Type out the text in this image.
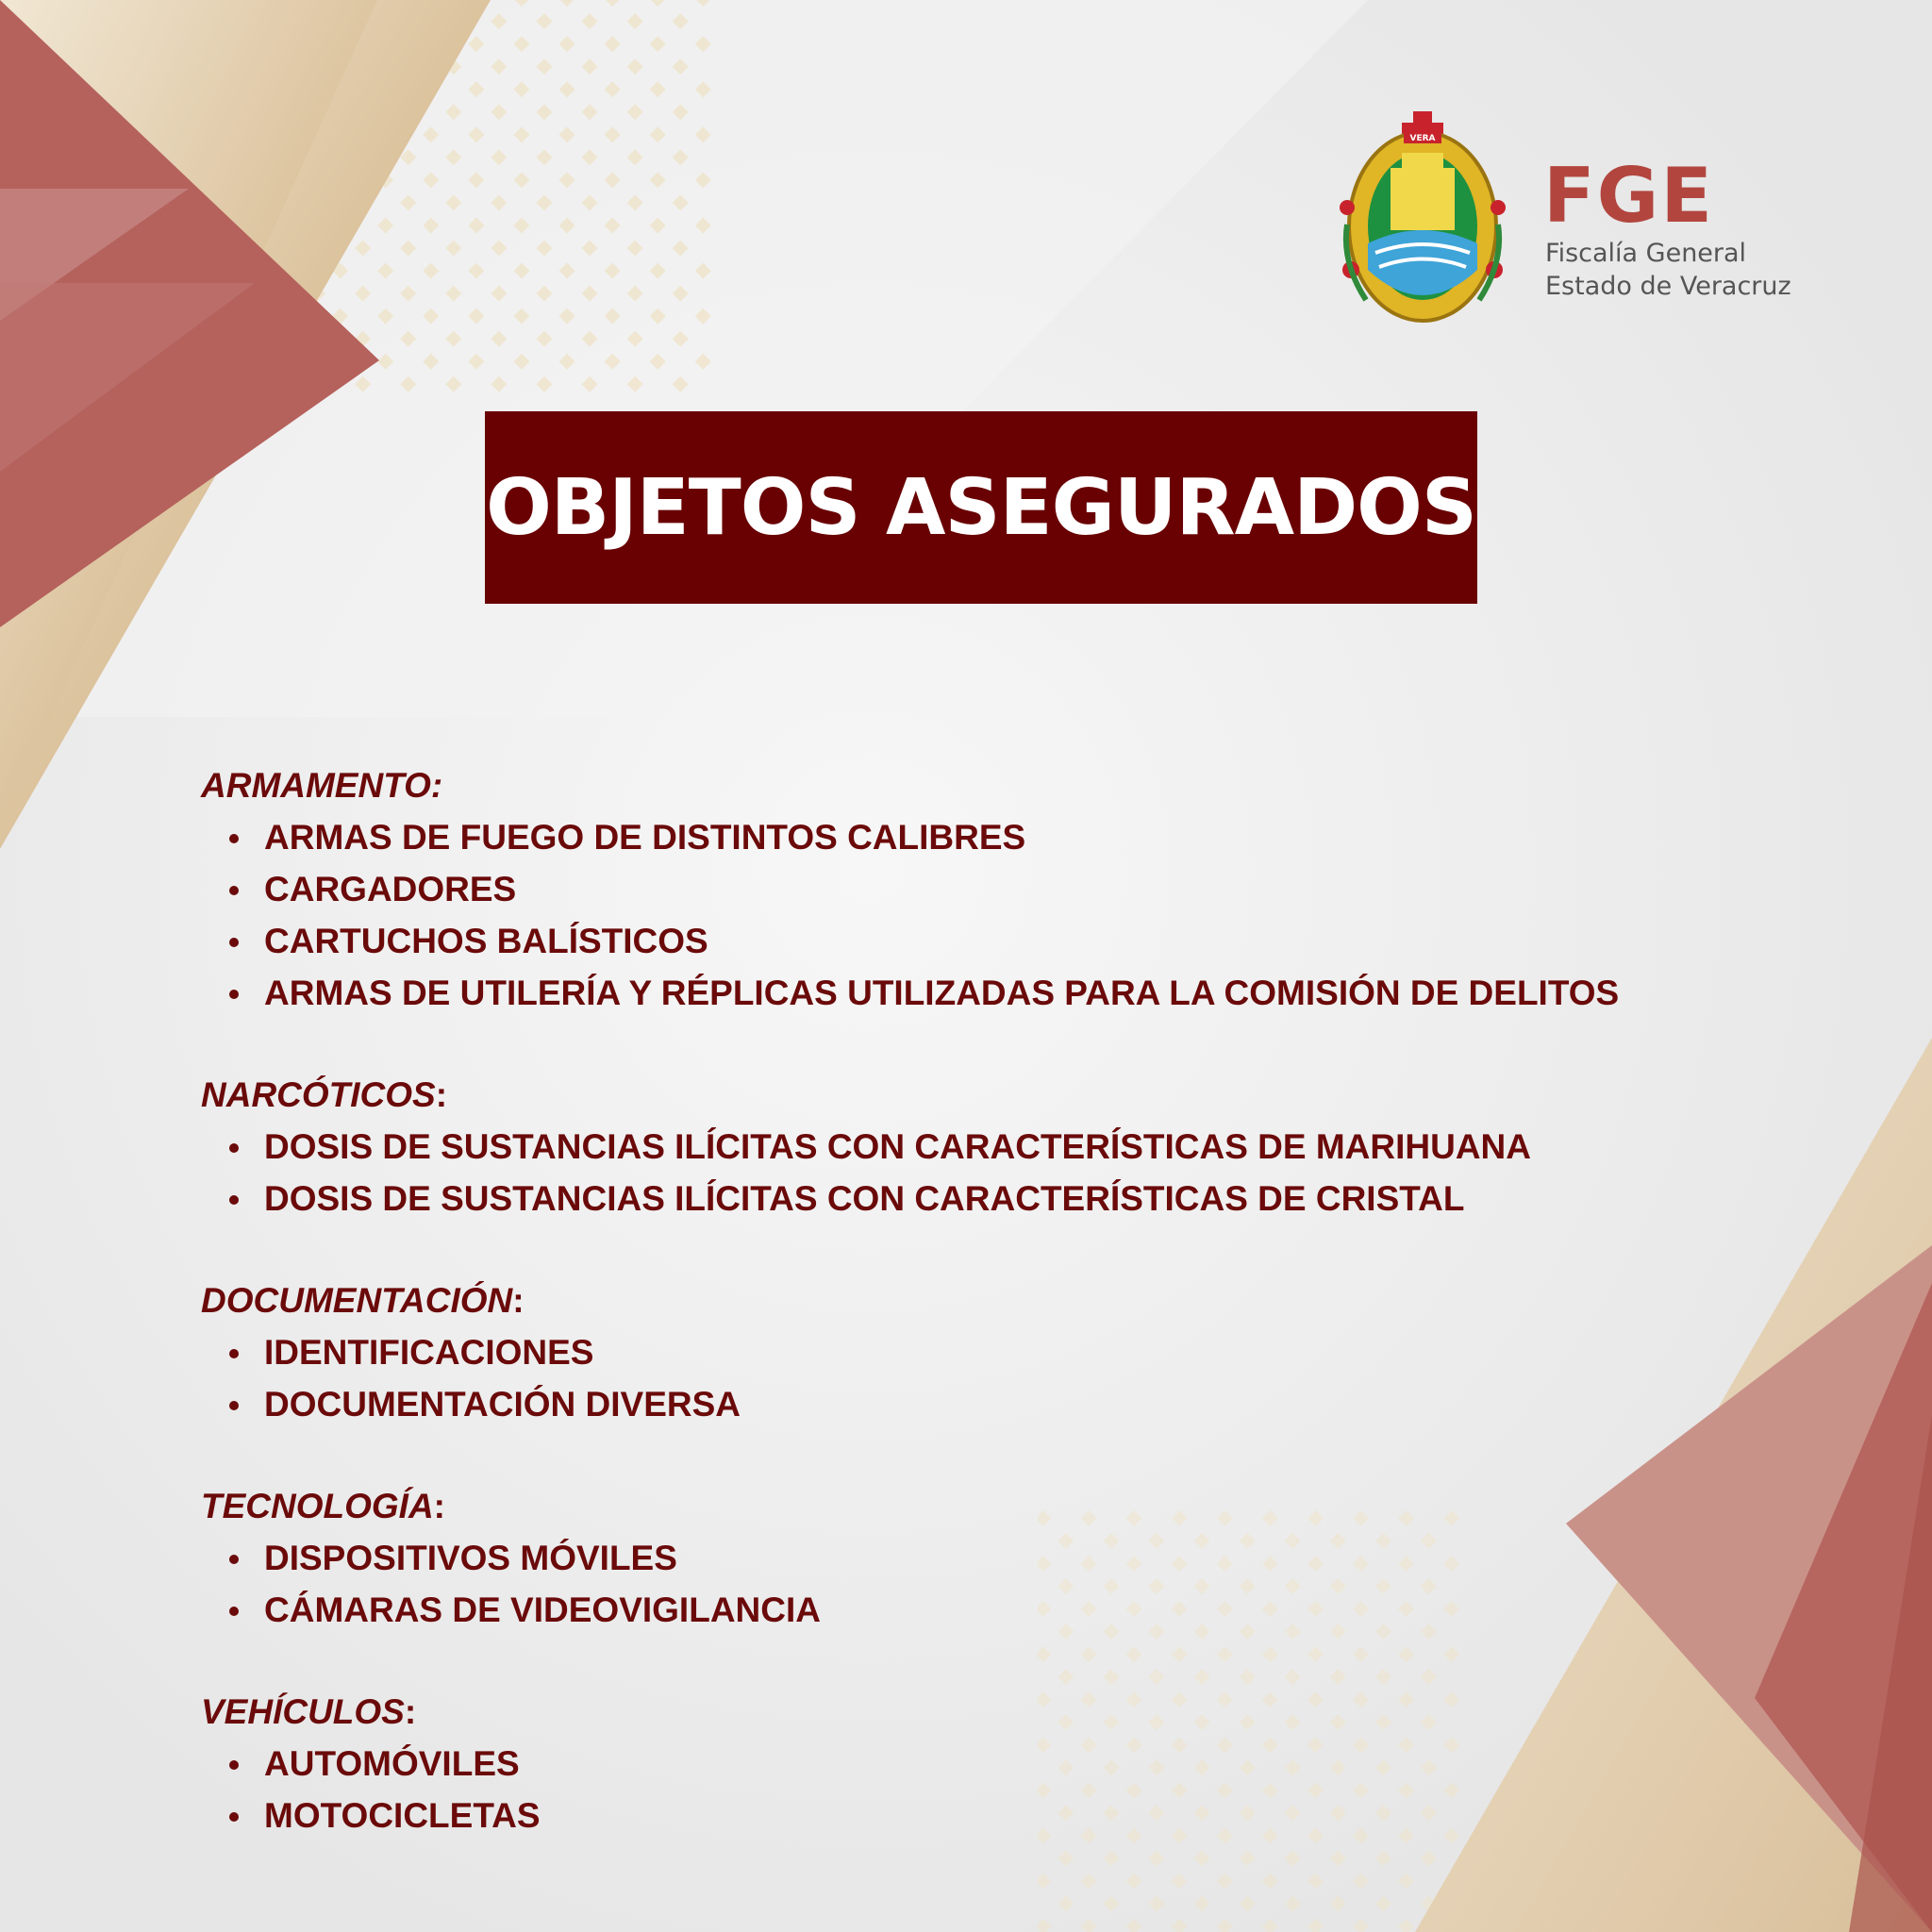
VERA
FGE
Fiscalía General
Estado de Veracruz
OBJETOS ASEGURADOS
ARMAMENTO:
ARMAS DE FUEGO DE DISTINTOS CALIBRES
CARGADORES
CARTUCHOS BALÍSTICOS
ARMAS DE UTILERÍA Y RÉPLICAS UTILIZADAS PARA LA COMISIÓN DE DELITOS
NARCÓTICOS:
DOSIS DE SUSTANCIAS ILÍCITAS CON CARACTERÍSTICAS DE MARIHUANA
DOSIS DE SUSTANCIAS ILÍCITAS CON CARACTERÍSTICAS DE CRISTAL
DOCUMENTACIÓN:
IDENTIFICACIONES
DOCUMENTACIÓN DIVERSA
TECNOLOGÍA:
DISPOSITIVOS MÓVILES
CÁMARAS DE VIDEOVIGILANCIA
VEHÍCULOS:
AUTOMÓVILES
MOTOCICLETAS
